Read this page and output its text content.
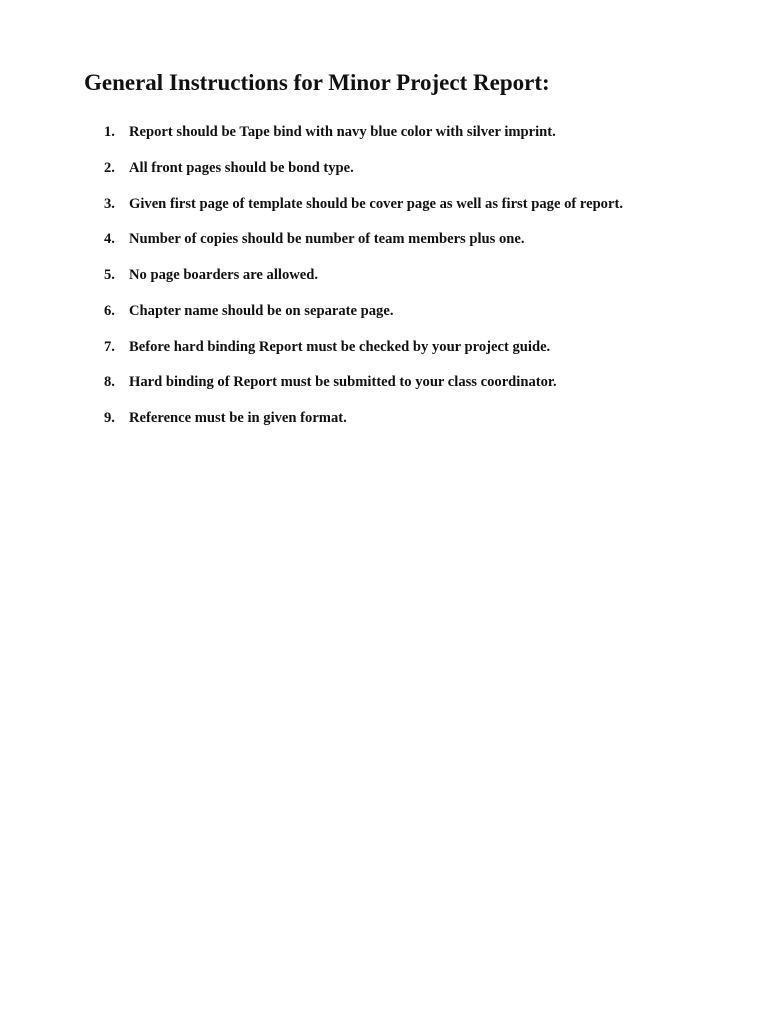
General Instructions for Minor Project Report:
1. Report should be Tape bind with navy blue color with silver imprint.
2. All front pages should be bond type.
3. Given first page of template should be cover page as well as first page of report.
4. Number of copies should be number of team members plus one.
5. No page boarders are allowed.
6. Chapter name should be on separate page.
7. Before hard binding Report must be checked by your project guide.
8. Hard binding of Report must be submitted to your class coordinator.
9. Reference must be in given format.
